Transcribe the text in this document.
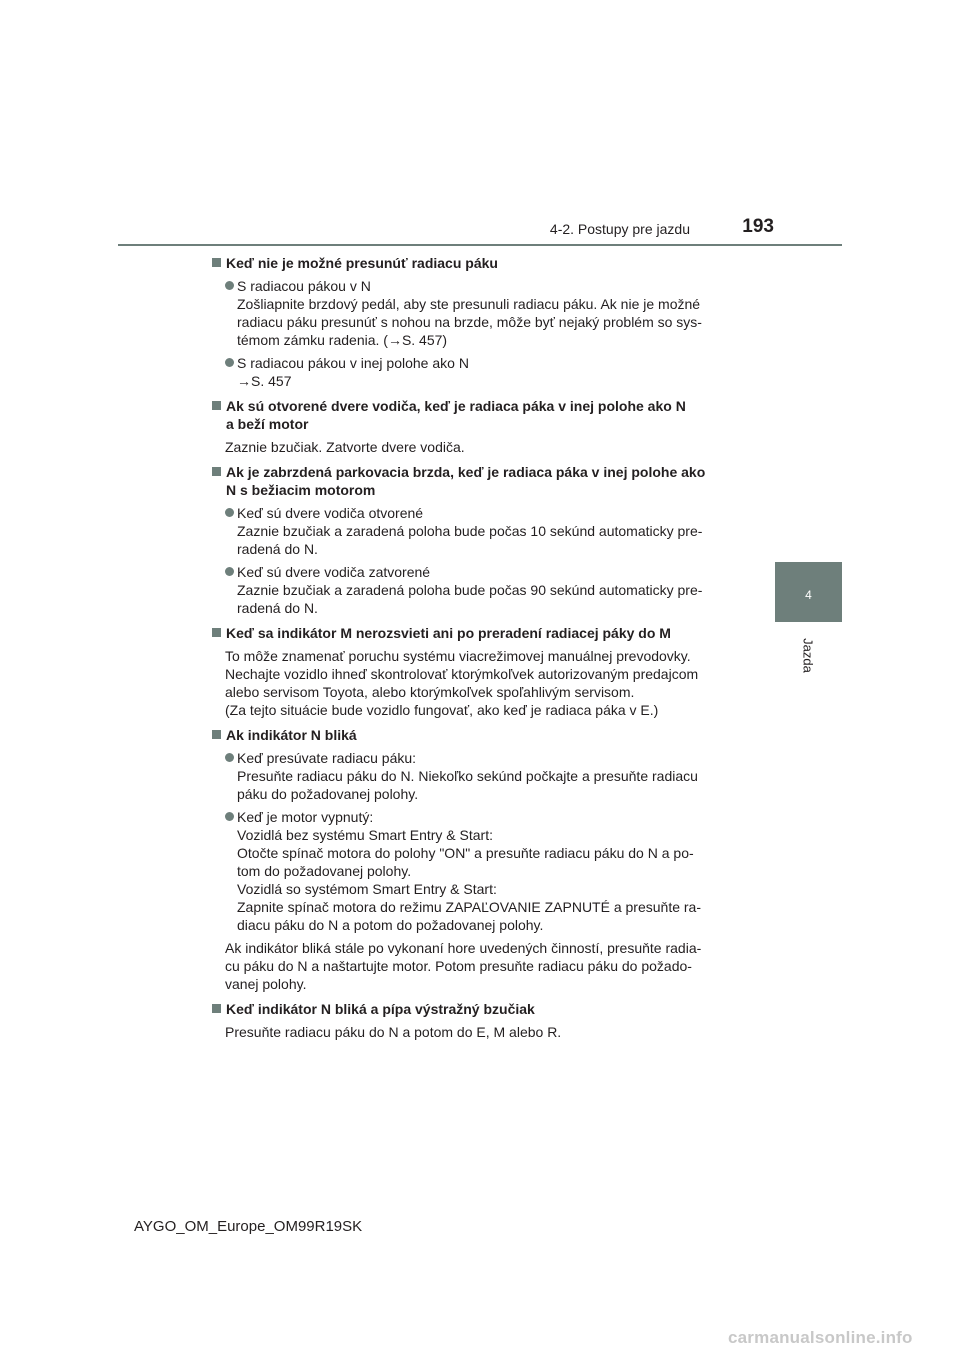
4-2. Postupy pre jazdu	193
4
Jazda
Keď nie je možné presunúť radiacu páku
S radiacou pákou v N
Zošliapnite brzdový pedál, aby ste presunuli radiacu páku. Ak nie je možné
radiacu páku presunúť s nohou na brzde, môže byť nejaký problém so sys-
témom zámku radenia. (→S. 457)
S radiacou pákou v inej polohe ako N
→S. 457
Ak sú otvorené dvere vodiča, keď je radiaca páka v inej polohe ako N
a beží motor
Zaznie bzučiak. Zatvorte dvere vodiča.
Ak je zabrzdená parkovacia brzda, keď je radiaca páka v inej polohe ako
N s bežiacim motorom
Keď sú dvere vodiča otvorené
Zaznie bzučiak a zaradená poloha bude počas 10 sekúnd automaticky pre-
radená do N.
Keď sú dvere vodiča zatvorené
Zaznie bzučiak a zaradená poloha bude počas 90 sekúnd automaticky pre-
radená do N.
Keď sa indikátor M nerozsvieti ani po preradení radiacej páky do M
To môže znamenať poruchu systému viacrežimovej manuálnej prevodovky.
Nechajte vozidlo ihneď skontrolovať ktorýmkoľvek autorizovaným predajcom
alebo servisom Toyota, alebo ktorýmkoľvek spoľahlivým servisom.
(Za tejto situácie bude vozidlo fungovať, ako keď je radiaca páka v E.)
Ak indikátor N bliká
Keď presúvate radiacu páku:
Presuňte radiacu páku do N. Niekoľko sekúnd počkajte a presuňte radiacu
páku do požadovanej polohy.
Keď je motor vypnutý:
Vozidlá bez systému Smart Entry & Start:
Otočte spínač motora do polohy "ON" a presuňte radiacu páku do N a po-
tom do požadovanej polohy.
Vozidlá so systémom Smart Entry & Start:
Zapnite spínač motora do režimu ZAPAĽOVANIE ZAPNUTÉ a presuňte ra-
diacu páku do N a potom do požadovanej polohy.
Ak indikátor bliká stále po vykonaní hore uvedených činností, presuňte radia-
cu páku do N a naštartujte motor. Potom presuňte radiacu páku do požado-
vanej polohy.
Keď indikátor N bliká a pípa výstražný bzučiak
Presuňte radiacu páku do N a potom do E, M alebo R.
AYGO_OM_Europe_OM99R19SK
carmanualsonline.info
